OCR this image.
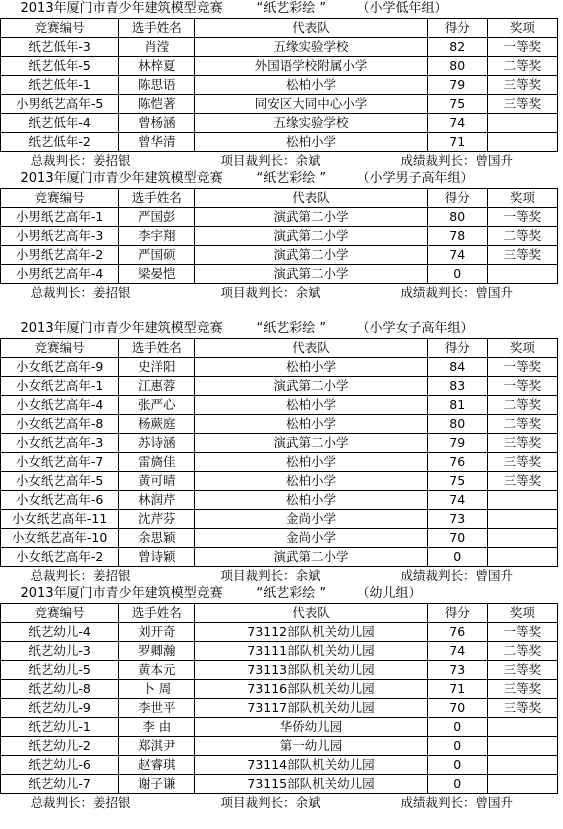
2013年厦门市青少年建筑模型竞赛 “纸艺彩绘 ” （小学低年组）				
竞赛编号	选手姓名	代表队	得分	奖项
纸艺低年-3	肖滢	五缘实验学校	82	一等奖
纸艺低年-5	林梓夏	外国语学校附属小学	80	二等奖
纸艺低年-1	陈思语	松柏小学	79	三等奖
小男纸艺高年-5	陈恺著	同安区大同中心小学	75	三等奖
纸艺低年-4	曾杨涵	五缘实验学校	74	
纸艺低年-2	曾华清	松柏小学	71	
总裁判长：姜招银 项目裁判长：余斌 成绩裁判长：曾国升				
2013年厦门市青少年建筑模型竞赛 “纸艺彩绘 ” （小学男子高年组）				
竞赛编号	选手姓名	代表队	得分	奖项
小男纸艺高年-1	严国彭	演武第二小学	80	一等奖
小男纸艺高年-3	李宇翔	演武第二小学	78	二等奖
小男纸艺高年-2	严国硕	演武第二小学	74	三等奖
小男纸艺高年-4	梁晏恺	演武第二小学	0	
总裁判长：姜招银 项目裁判长：余斌 成绩裁判长：曾国升				

2013年厦门市青少年建筑模型竞赛 “纸艺彩绘 ” （小学女子高年组）				
竞赛编号	选手姓名	代表队	得分	奖项
小女纸艺高年-9	史洋阳	松柏小学	84	一等奖
小女纸艺高年-1	江惠蓉	演武第二小学	83	一等奖
小女纸艺高年-4	张严心	松柏小学	81	二等奖
小女纸艺高年-8	杨蕨庭	松柏小学	80	二等奖
小女纸艺高年-3	苏诗涵	演武第二小学	79	三等奖
小女纸艺高年-7	雷旖佳	松柏小学	76	三等奖
小女纸艺高年-5	黄可晴	松柏小学	75	三等奖
小女纸艺高年-6	林润芹	松柏小学	74	
小女纸艺高年-11	沈芹芬	金尚小学	73	
小女纸艺高年-10	余思颖	金尚小学	70	
小女纸艺高年-2	曾诗颖	演武第二小学	0	
总裁判长：姜招银 项目裁判长：余斌 成绩裁判长：曾国升				
2013年厦门市青少年建筑模型竞赛 “纸艺彩绘 ” （幼儿组）				
竞赛编号	选手姓名	代表队	得分	奖项
纸艺幼儿-4	刘开奇	73112部队机关幼儿园	76	一等奖
纸艺幼儿-3	罗卿瀚	73111部队机关幼儿园	74	二等奖
纸艺幼儿-5	黄本元	73113部队机关幼儿园	73	三等奖
纸艺幼儿-8	卜 周	73116部队机关幼儿园	71	三等奖
纸艺幼儿-9	李世平	73117部队机关幼儿园	70	三等奖
纸艺幼儿-1	李 由	华侨幼儿园	0	
纸艺幼儿-2	郑淇尹	第一幼儿园	0	
纸艺幼儿-6	赵睿琪	73114部队机关幼儿园	0	
纸艺幼儿-7	谢子谦	73115部队机关幼儿园	0	
总裁判长：姜招银 项目裁判长：余斌 成绩裁判长：曾国升				
